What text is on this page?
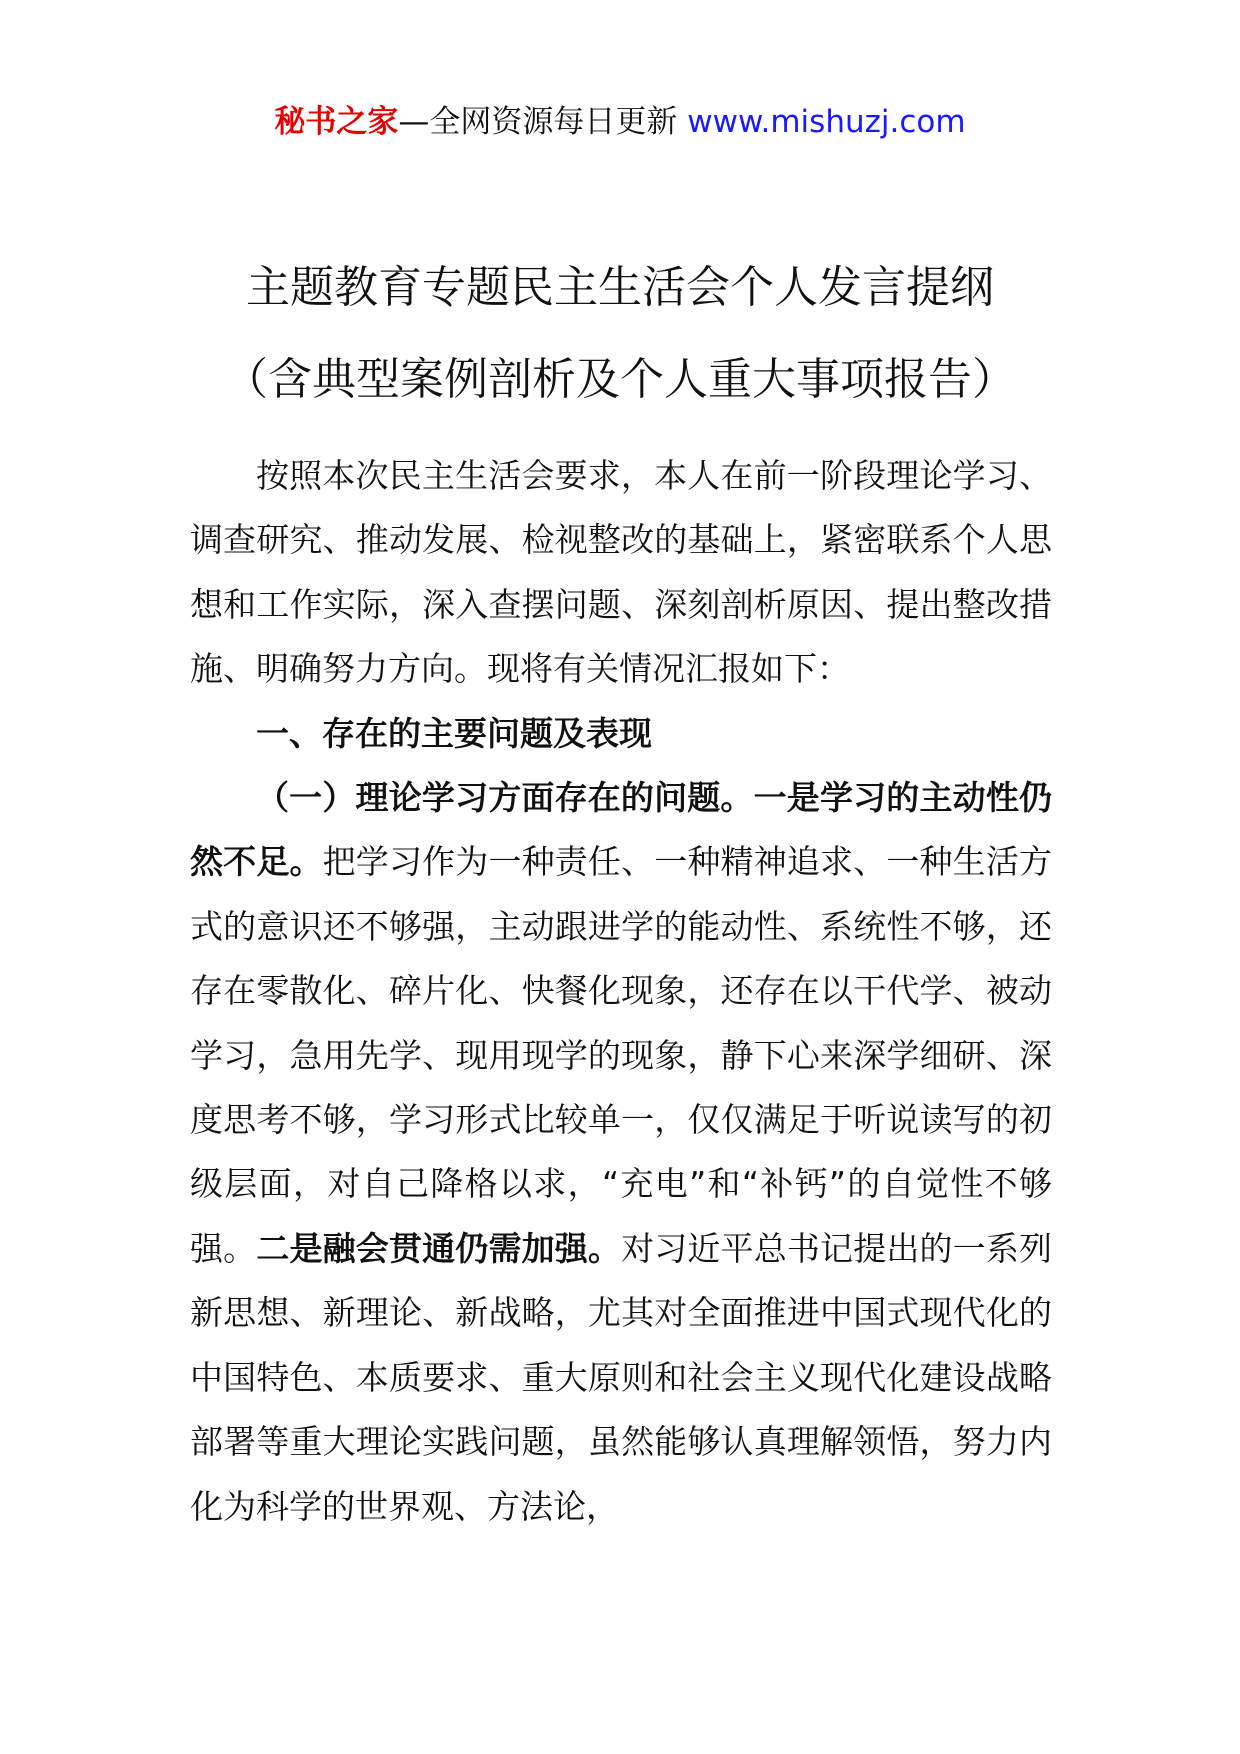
秘书之家—全网资源每日更新 www.mishuzj.com
主题教育专题民主生活会个人发言提纲
（含典型案例剖析及个人重大事项报告）

按照本次民主生活会要求，本人在前一阶段理论学习、调查研究、推动发展、检视整改的基础上，紧密联系个人思想和工作实际，深入查摆问题、深刻剖析原因、提出整改措施、明确努力方向。现将有关情况汇报如下：

一、存在的主要问题及表现

（一）理论学习方面存在的问题。一是学习的主动性仍然不足。把学习作为一种责任、一种精神追求、一种生活方式的意识还不够强，主动跟进学的能动性、系统性不够，还存在零散化、碎片化、快餐化现象，还存在以干代学、被动学习，急用先学、现用现学的现象，静下心来深学细研、深度思考不够，学习形式比较单一，仅仅满足于听说读写的初级层面，对自己降格以求，“充电”和“补钙”的自觉性不够强。二是融会贯通仍需加强。对习近平总书记提出的一系列新思想、新理论、新战略，尤其对全面推进中国式现代化的中国特色、本质要求、重大原则和社会主义现代化建设战略部署等重大理论实践问题，虽然能够认真理解领悟，努力内化为科学的世界观、方法论，
